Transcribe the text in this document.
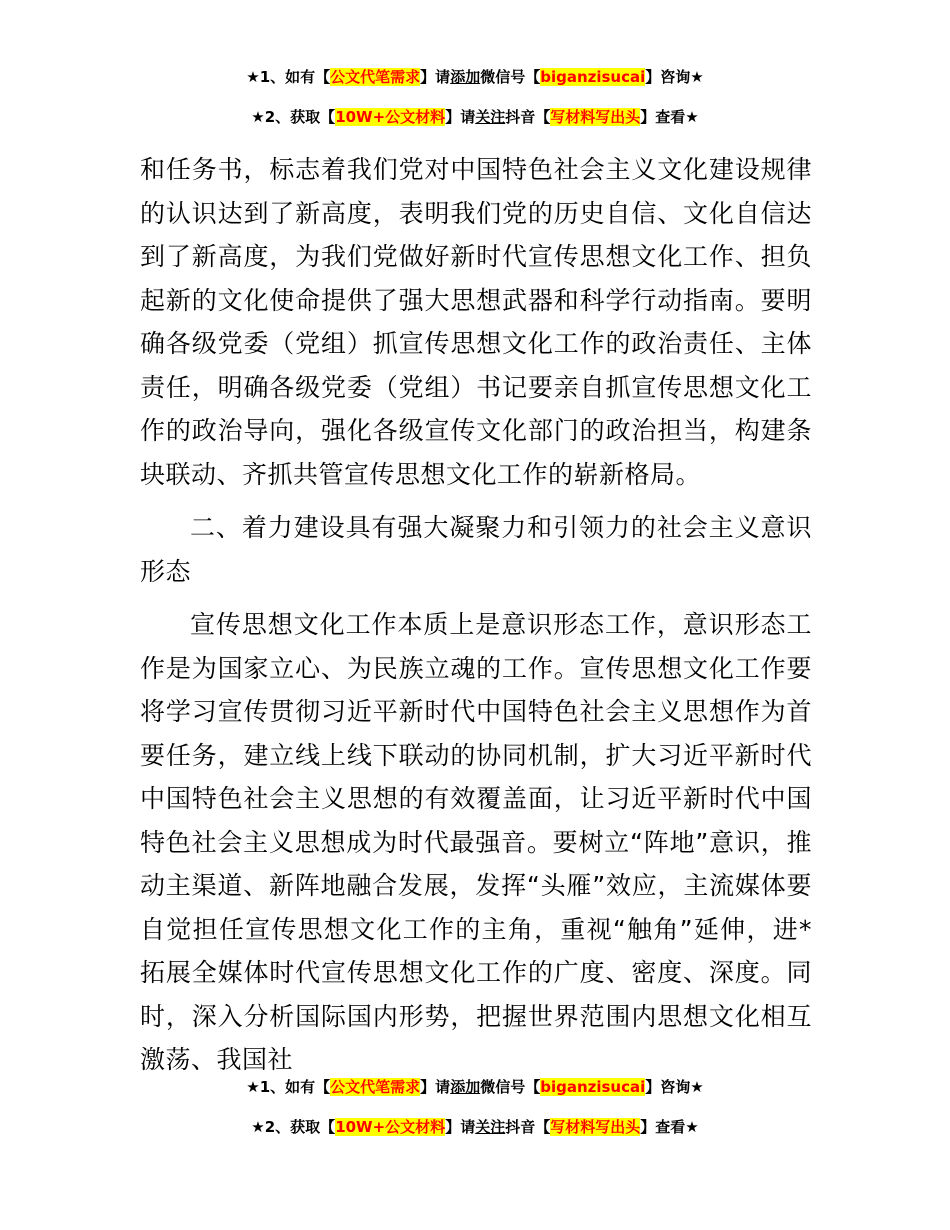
★1、如有【公文代笔需求】请添加微信号【biganzisucai】咨询★
★2、获取【10W+公文材料】请关注抖音【写材料写出头】查看★

和任务书，标志着我们党对中国特色社会主义文化建设规律的认识达到了新高度，表明我们党的历史自信、文化自信达到了新高度，为我们党做好新时代宣传思想文化工作、担负起新的文化使命提供了强大思想武器和科学行动指南。要明确各级党委（党组）抓宣传思想文化工作的政治责任、主体责任，明确各级党委（党组）书记要亲自抓宣传思想文化工作的政治导向，强化各级宣传文化部门的政治担当，构建条块联动、齐抓共管宣传思想文化工作的崭新格局。

二、着力建设具有强大凝聚力和引领力的社会主义意识形态

宣传思想文化工作本质上是意识形态工作，意识形态工作是为国家立心、为民族立魂的工作。宣传思想文化工作要将学习宣传贯彻习近平新时代中国特色社会主义思想作为首要任务，建立线上线下联动的协同机制，扩大习近平新时代中国特色社会主义思想的有效覆盖面，让习近平新时代中国特色社会主义思想成为时代最强音。要树立“阵地”意识，推动主渠道、新阵地融合发展，发挥“头雁”效应，主流媒体要自觉担任宣传思想文化工作的主角，重视“触角”延伸，进*拓展全媒体时代宣传思想文化工作的广度、密度、深度。同时，深入分析国际国内形势，把握世界范围内思想文化相互激荡、我国社

★1、如有【公文代笔需求】请添加微信号【biganzisucai】咨询★
★2、获取【10W+公文材料】请关注抖音【写材料写出头】查看★
